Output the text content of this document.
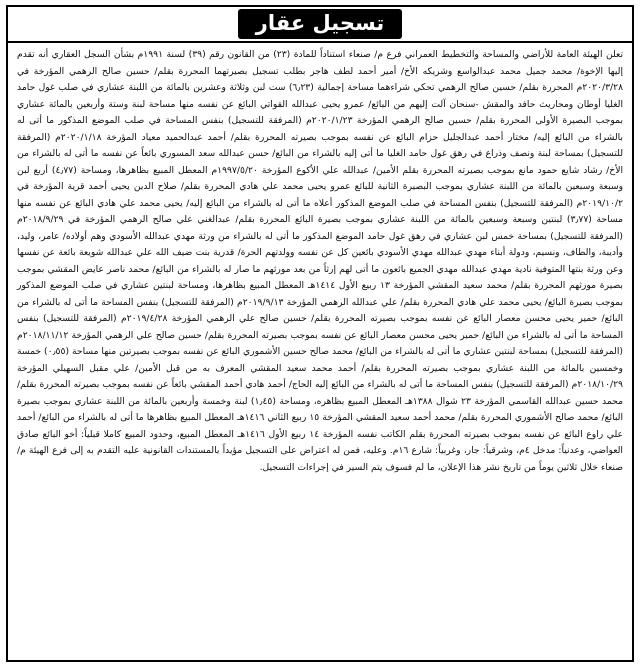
تسجيل عقار

تعلن الهيئة العامة للأراضي والمساحة والتخطيط العمراني فرع م/ صنعاء استناداً للمادة (٢٣) من القانون رقم (٣٩) لسنة ١٩٩١م بشأن السجل العقاري أنه تقدم إليها الإخوة/ محمد جميل محمد عبدالواسع وشريكه الأخ/ أمير أحمد لطف هاجر بطلب تسجيل بصيرتهما المحررة بقلم/ حسين صالح الرهمي المؤرخة في ٢٠٢٠/٣/٢٨م المحررة بقلم/ حسين صالح الرهمي تحكي شراءهما مساحة إجمالية (٦٫٢٣) ست لبن وثلاثة وعشرين بالمائة من اللبنة عشاري في صلب غول حامد الغليا أوطان ومحاريث حافد والمقش -سنحان آلت إليهم من البائع/ عمرو يحيى عبدالله القواتي البائع عن نفسه منها مساحة لبنة وستة وأربعين بالمائة عشاري بموجب البصيرة الأولى المحررة بقلم/ حسين صالح الرهمي المؤرخة ٢٠٢٠/١/٢٣م (المرفقة للتسجيل) بنفس المساحة في صلب الموضع المذكور ما أتى له بالشراء من البائع إليه/ مختار أحمد عبدالجليل حزام البائع عن نفسه بموجب بصيرته المحررة بقلم/ أحمد عبدالحميد معياد المؤرخة ٢٠٢٠/١/١٨م (المرفقة للتسجيل) بمساحة لبنة ونصف وذراع في رهق غول حامد الغليا ما أتى إليه بالشراء من البائع/ حسن عبدالله سعد المسوري بائعاً عن نفسه ما أتى له بالشراء من الأخ/ رشاد شايع حمود مانع بموجب بصيرته المحررة بقلم الأمين/ عبدالله علي الأكوع المؤرخة ١٩٩٧/٥/٢٠م المعطل المبيع بظاهرها، ومساحة (٤٫٧٧) أربع لبن وسبعة وسبعين بالمائة من اللبنة عشاري بموجب البصيرة الثانية للبائع عمرو يحيى محمد علي هادي المحررة بقلم/ صلاح الدين يحيى أحمد قرية المؤرخة في ٢٠١٩/١٠/٢م (المرفقة للتسجيل) بنفس المساحة في صلب الموضع المذكور أعلاه ما أتى له بالشراء من البائع إليه/ يحيى محمد علي هادي البائع عن نفسه منها مساحة (٣٫٧٧) لبنتين وسبعة وسبعين بالمائة من اللبنة عشاري بموجب بصيرة البائع المحررة بقلم/ عبدالغني علي صالح الرهمي المؤرخة في ٢٠١٨/٩/٢٩م (المرفقة للتسجيل) بمساحة خمس لبن عشاري في رهق غول حامد الموضع المذكور ما أتى له بالشراء من ورثة مهدي عبدالله الأسودي وهم أولاده/ عامر، وليد، وأديبة، والطاف، ونسيم، ودولة أبناء مهدي عبدالله مهدي الأسودي بائعين كل عن نفسه وولدتهم الحرة/ قدرية بنت ضيف الله علي عبدالله شويعة بائعة عن نفسها وعن ورثة بنتها المتوفية نادية مهدي عبدالله مهدي الجميع بائعون ما أتى لهم إرثاً من بعد مورثهم ما صار له بالشراء من البائع/ محمد ناصر عايض المقشي بموجب بصيرة مورثهم المحررة بقلم/ محمد سعيد المقشي المؤرخة ١٣ ربيع الأول ١٤١٤هـ المعطل المبيع بظاهرها، ومساحة لبنتين عشاري في صلب الموضع المذكور بموجب بصيرة البائع/ يحيى محمد علي هادي المحررة بقلم/ علي عبدالله الرهمي المؤرخة ٢٠١٩/٩/١٣م (المرفقة للتسجيل) بنفس المساحة ما أتى له بالشراء من البائع/ حمير يحيى محسن معصار البائع عن نفسه بموجب بصيرته المحررة بقلم/ حسين صالح علي الرهمي المؤرخة ٢٠١٩/٤/٢٨م (المرفقة للتسجيل) بنفس المساحة ما أتى له بالشراء من البائع/ حمير يحيى محسن معصار البائع عن نفسه بموجب بصيرته المحررة بقلم/ حسين صالح علي الرهمي المؤرخة ٢٠١٨/١١/١٢م (المرفقة للتسجيل) بمساحة لبنتين عشاري ما أتى له بالشراء من البائع/ محمد صالح حسين الأشموري البائع عن نفسه بموجب بصيرتين منها مساحة (٠٫٥٥) خمسة وخمسين بالمائة من اللبنة عشاري بموجب بصيرته المحررة بقلم/ أحمد محمد سعيد المقشي المعرف به من قبل الأمين/ علي مقبل السهيلي المؤرخة ٢٠١٨/١٠/٢٩م (المرفقة للتسجيل) بنفس المساحة ما أتى له بالشراء من البائع إليه الحاج/ أحمد هادي أحمد المقشي بائعاً عن نفسه بموجب بصيرته المحررة بقلم/ محمد حسين عبدالله القاسمي المؤرخة ٢٣ شوال ١٣٨٨هـ المعطل المبيع بظاهره، ومساحة (١٫٤٥) لبنة وخمسة وأربعين بالمائة من اللبنة عشاري بموجب بصيرة البائع/ محمد صالح الأشموري المحررة بقلم/ محمد أحمد سعيد المقشي المؤرخة ١٥ ربيع الثاني ١٤١٦هـ المعطل المبيع بظاهرها ما أتى له بالشراء من البائع/ أحمد علي راوع البائع عن نفسه بموجب بصيرته المحررة بقلم الكاتب نفسه المؤرخة ١٤ ربيع الأول ١٤١٦هـ المعطل المبيع، وحدود المبيع كاملا قبلياً: أخو البائع صادق العواضي، وعدنياً: مدخل ٤م، وشرقياً: جار، وغربياً: شارع ١٦م. وعليه، فمن له اعتراض على التسجيل مؤيداً بالمستندات القانونية عليه التقدم به إلى فرع الهيئة م/ صنعاء خلال ثلاثين يوماً من تاريخ نشر هذا الإعلان، ما لم فسوف يتم السير في إجراءات التسجيل.
